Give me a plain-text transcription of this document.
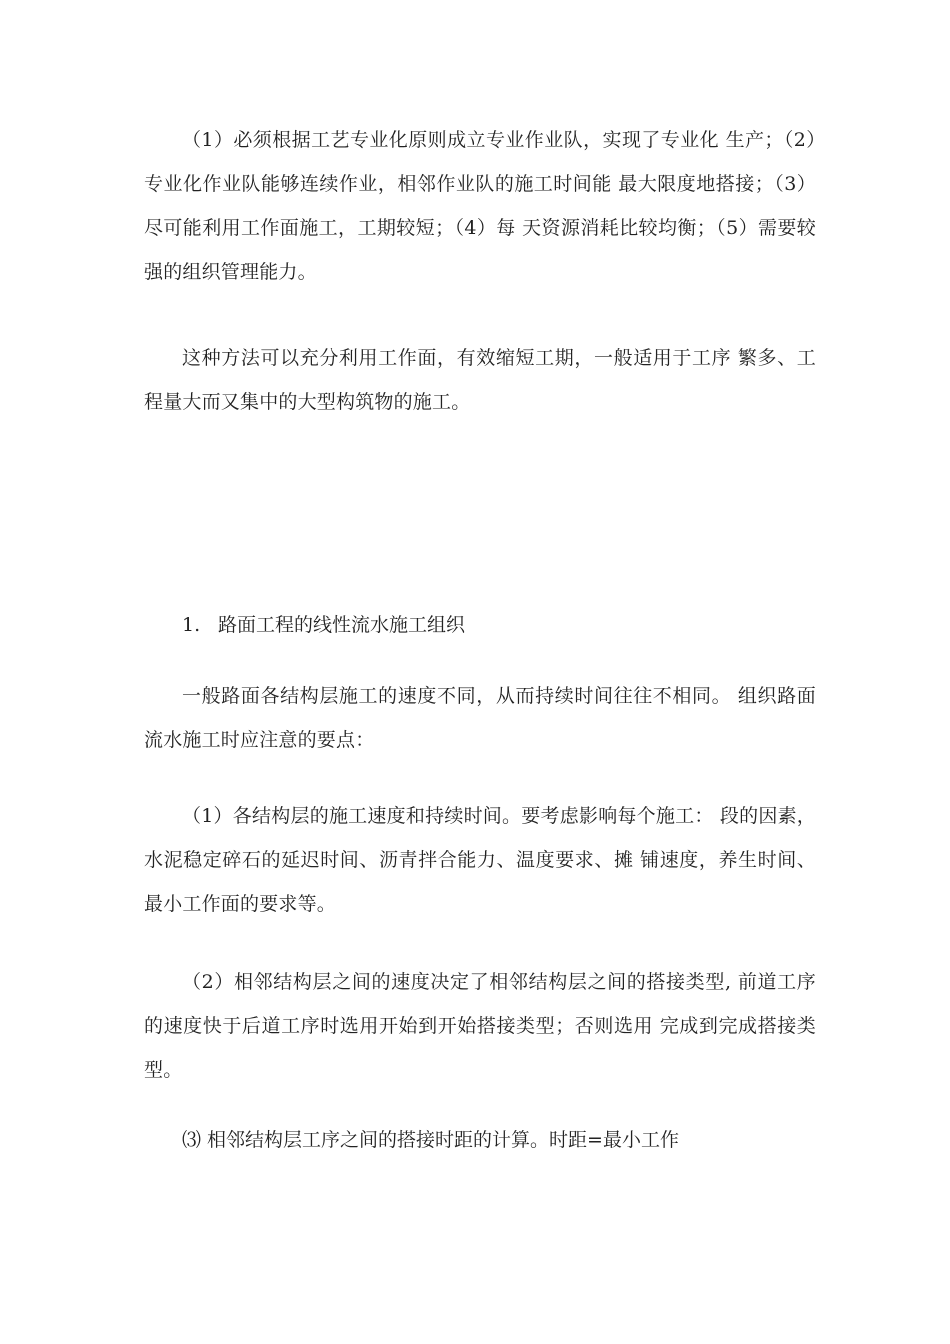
（1）必须根据工艺专业化原则成立专业作业队，实现了专业化 生产；（2）专业化作业队能够连续作业，相邻作业队的施工时间能 最大限度地搭接；（3）尽可能利用工作面施工，工期较短；（4）每 天资源消耗比较均衡；（5）需要较强的组织管理能力。

这种方法可以充分利用工作面，有效缩短工期，一般适用于工序 繁多、工程量大而又集中的大型构筑物的施工。

1. 路面工程的线性流水施工组织

一般路面各结构层施工的速度不同，从而持续时间往往不相同。 组织路面流水施工时应注意的要点：

（1）各结构层的施工速度和持续时间。要考虑影响每个施工： 段的因素，水泥稳定碎石的延迟时间、沥青拌合能力、温度要求、摊 铺速度，养生时间、最小工作面的要求等。

（2）相邻结构层之间的速度决定了相邻结构层之间的搭接类型, 前道工序的速度快于后道工序时选用开始到开始搭接类型；否则选用 完成到完成搭接类型。

⑶ 相邻结构层工序之间的搭接时距的计算。时距=最小工作
